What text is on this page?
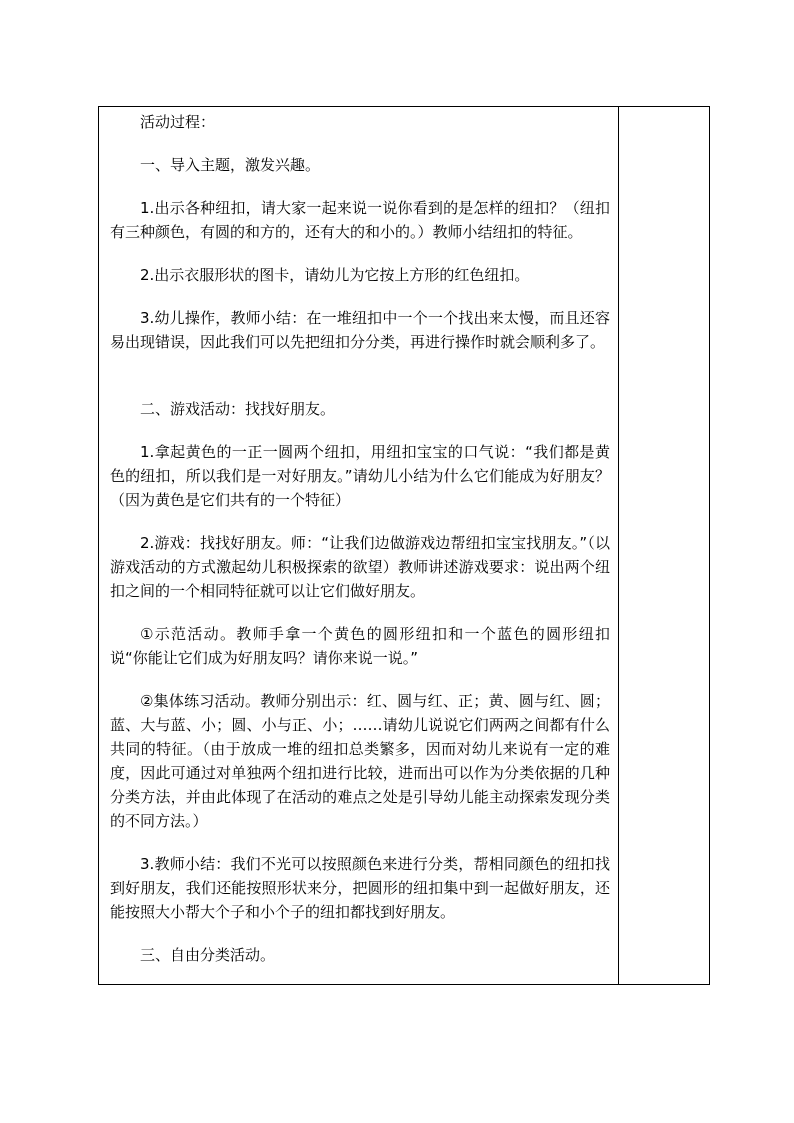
活动过程：

一、导入主题，激发兴趣。

1.出示各种纽扣，请大家一起来说一说你看到的是怎样的纽扣？（纽扣有三种颜色，有圆的和方的，还有大的和小的。）教师小结纽扣的特征。

2.出示衣服形状的图卡，请幼儿为它按上方形的红色纽扣。

3.幼儿操作，教师小结：在一堆纽扣中一个一个找出来太慢，而且还容易出现错误，因此我们可以先把纽扣分分类，再进行操作时就会顺利多了。

二、游戏活动：找找好朋友。

1.拿起黄色的一正一圆两个纽扣，用纽扣宝宝的口气说：“我们都是黄色的纽扣，所以我们是一对好朋友。”请幼儿小结为什么它们能成为好朋友？（因为黄色是它们共有的一个特征）

2.游戏：找找好朋友。师：“让我们边做游戏边帮纽扣宝宝找朋友。”（以游戏活动的方式激起幼儿积极探索的欲望）教师讲述游戏要求：说出两个纽扣之间的一个相同特征就可以让它们做好朋友。

①示范活动。教师手拿一个黄色的圆形纽扣和一个蓝色的圆形纽扣说“你能让它们成为好朋友吗？请你来说一说。”

②集体练习活动。教师分别出示：红、圆与红、正；黄、圆与红、圆；蓝、大与蓝、小；圆、小与正、小；……请幼儿说说它们两两之间都有什么共同的特征。（由于放成一堆的纽扣总类繁多，因而对幼儿来说有一定的难度，因此可通过对单独两个纽扣进行比较，进而出可以作为分类依据的几种分类方法，并由此体现了在活动的难点之处是引导幼儿能主动探索发现分类的不同方法。）

3.教师小结：我们不光可以按照颜色来进行分类，帮相同颜色的纽扣找到好朋友，我们还能按照形状来分，把圆形的纽扣集中到一起做好朋友，还能按照大小帮大个子和小个子的纽扣都找到好朋友。

三、自由分类活动。
